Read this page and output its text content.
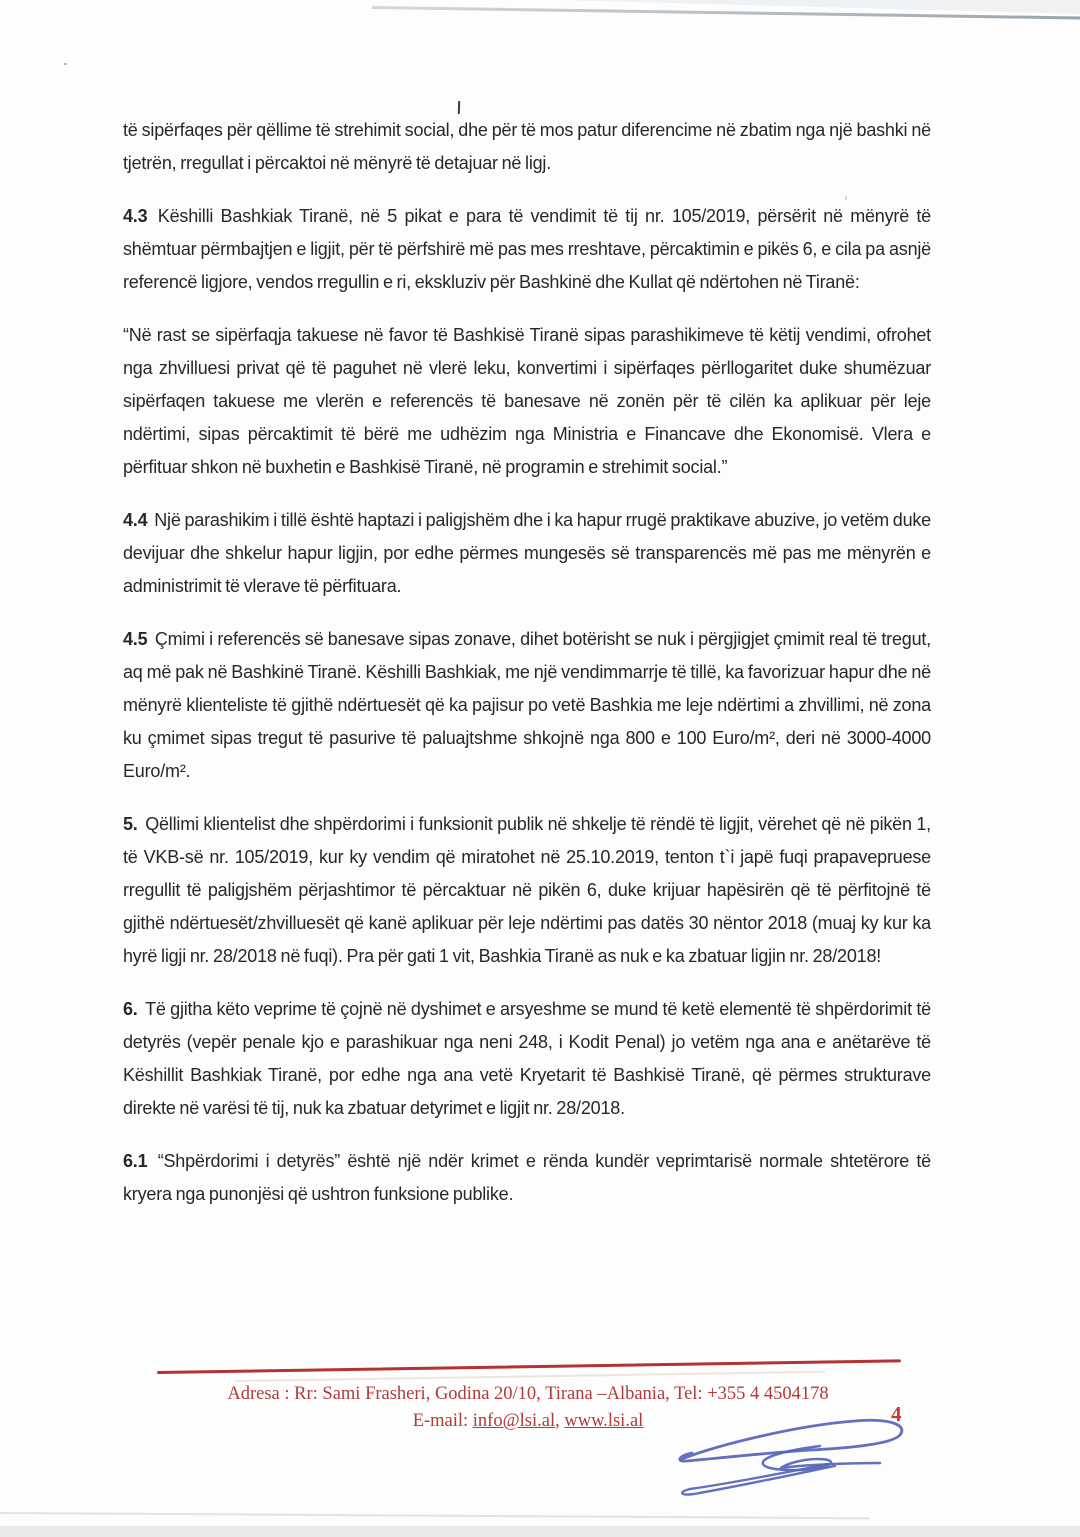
të sipërfaqes për qëllime të strehimit social, dhe për të mos patur diferencime në zbatim nga një bashki në tjetrën, rregullat i përcaktoi në mënyrë të detajuar në ligj.

4.3 Këshilli Bashkiak Tiranë, në 5 pikat e para të vendimit të tij nr. 105/2019, përsërit në mënyrë të shëmtuar përmbajtjen e ligjit, për të përfshirë më pas mes rreshtave, përcaktimin e pikës 6, e cila pa asnjë referencë ligjore, vendos rregullin e ri, ekskluziv për Bashkinë dhe Kullat që ndërtohen në Tiranë:

“Në rast se sipërfaqja takuese në favor të Bashkisë Tiranë sipas parashikimeve të këtij vendimi, ofrohet nga zhvilluesi privat që të paguhet në vlerë leku, konvertimi i sipërfaqes përllogaritet duke shumëzuar sipërfaqen takuese me vlerën e referencës të banesave në zonën për të cilën ka aplikuar për leje ndërtimi, sipas përcaktimit të bërë me udhëzim nga Ministria e Financave dhe Ekonomisë. Vlera e përfituar shkon në buxhetin e Bashkisë Tiranë, në programin e strehimit social.”

4.4 Një parashikim i tillë është haptazi i paligjshëm dhe i ka hapur rrugë praktikave abuzive, jo vetëm duke devijuar dhe shkelur hapur ligjin, por edhe përmes mungesës së transparencës më pas me mënyrën e administrimit të vlerave të përfituara.

4.5 Çmimi i referencës së banesave sipas zonave, dihet botërisht se nuk i përgjigjet çmimit real të tregut, aq më pak në Bashkinë Tiranë. Këshilli Bashkiak, me një vendimmarrje të tillë, ka favorizuar hapur dhe në mënyrë klienteliste të gjithë ndërtuesët që ka pajisur po vetë Bashkia me leje ndërtimi a zhvillimi, në zona ku çmimet sipas tregut të pasurive të paluajtshme shkojnë nga 800 e 100 Euro/m², deri në 3000-4000 Euro/m².

5. Qëllimi klientelist dhe shpërdorimi i funksionit publik në shkelje të rëndë të ligjit, vërehet që në pikën 1, të VKB-së nr. 105/2019, kur ky vendim që miratohet në 25.10.2019, tenton t`i japë fuqi prapavepruese rregullit të paligjshëm përjashtimor të përcaktuar në pikën 6, duke krijuar hapësirën që të përfitojnë të gjithë ndërtuesët/zhvilluesët që kanë aplikuar për leje ndërtimi pas datës 30 nëntor 2018 (muaj ky kur ka hyrë ligji nr. 28/2018 në fuqi). Pra për gati 1 vit, Bashkia Tiranë as nuk e ka zbatuar ligjin nr. 28/2018!

6. Të gjitha këto veprime të çojnë në dyshimet e arsyeshme se mund të ketë elementë të shpërdorimit të detyrës (vepër penale kjo e parashikuar nga neni 248, i Kodit Penal) jo vetëm nga ana e anëtarëve të Këshillit Bashkiak Tiranë, por edhe nga ana vetë Kryetarit të Bashkisë Tiranë, që përmes strukturave direkte në varësi të tij, nuk ka zbatuar detyrimet e ligjit nr. 28/2018.

6.1 “Shpërdorimi i detyrës” është një ndër krimet e rënda kundër veprimtarisë normale shtetërore të kryera nga punonjësi që ushtron funksione publike.

Adresa : Rr: Sami Frasheri, Godina 20/10, Tirana –Albania, Tel: +355 4 4504178
E-mail: info@lsi.al, www.lsi.al	4
